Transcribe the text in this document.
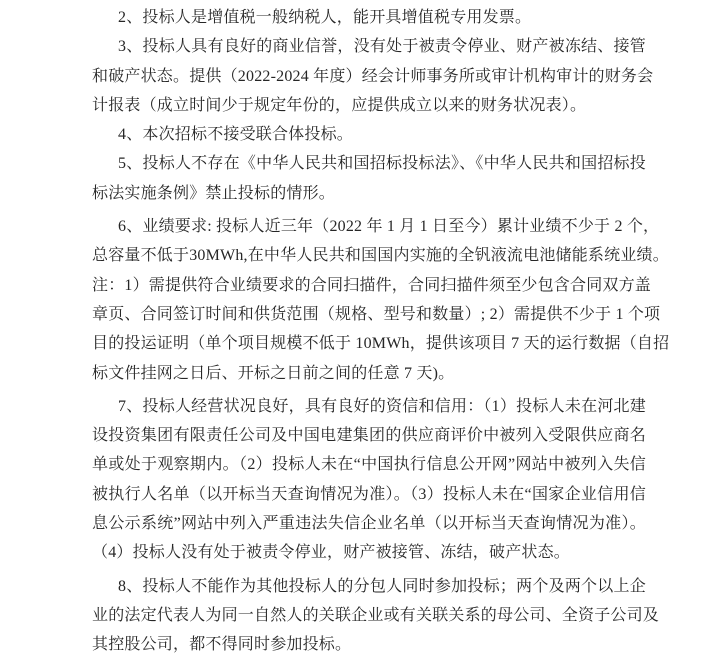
2、投标人是增值税一般纳税人，能开具增值税专用发票。
3、投标人具有良好的商业信誉，没有处于被责令停业、财产被冻结、接管
和破产状态。提供（2022-2024 年度）经会计师事务所或审计机构审计的财务会
计报表（成立时间少于规定年份的，应提供成立以来的财务状况表）。
4、本次招标不接受联合体投标。
5、投标人不存在《中华人民共和国招标投标法》、《中华人民共和国招标投
标法实施条例》禁止投标的情形。
6、业绩要求: 投标人近三年（2022 年 1 月 1 日至今）累计业绩不少于 2 个，
总容量不低于30MWh,在中华人民共和国国内实施的全钒液流电池储能系统业绩。
注：1）需提供符合业绩要求的合同扫描件，合同扫描件须至少包含合同双方盖
章页、合同签订时间和供货范围（规格、型号和数量）; 2）需提供不少于 1 个项
目的投运证明（单个项目规模不低于 10MWh，提供该项目 7 天的运行数据（自招
标文件挂网之日后、开标之日前之间的任意 7 天)。
7、投标人经营状况良好，具有良好的资信和信用：（1）投标人未在河北建
设投资集团有限责任公司及中国电建集团的供应商评价中被列入受限供应商名
单或处于观察期内。（2）投标人未在“中国执行信息公开网”网站中被列入失信
被执行人名单（以开标当天查询情况为准）。（3）投标人未在“国家企业信用信
息公示系统”网站中列入严重违法失信企业名单（以开标当天查询情况为准）。
（4）投标人没有处于被责令停业，财产被接管、冻结，破产状态。
8、投标人不能作为其他投标人的分包人同时参加投标；两个及两个以上企
业的法定代表人为同一自然人的关联企业或有关联关系的母公司、全资子公司及
其控股公司，都不得同时参加投标。
